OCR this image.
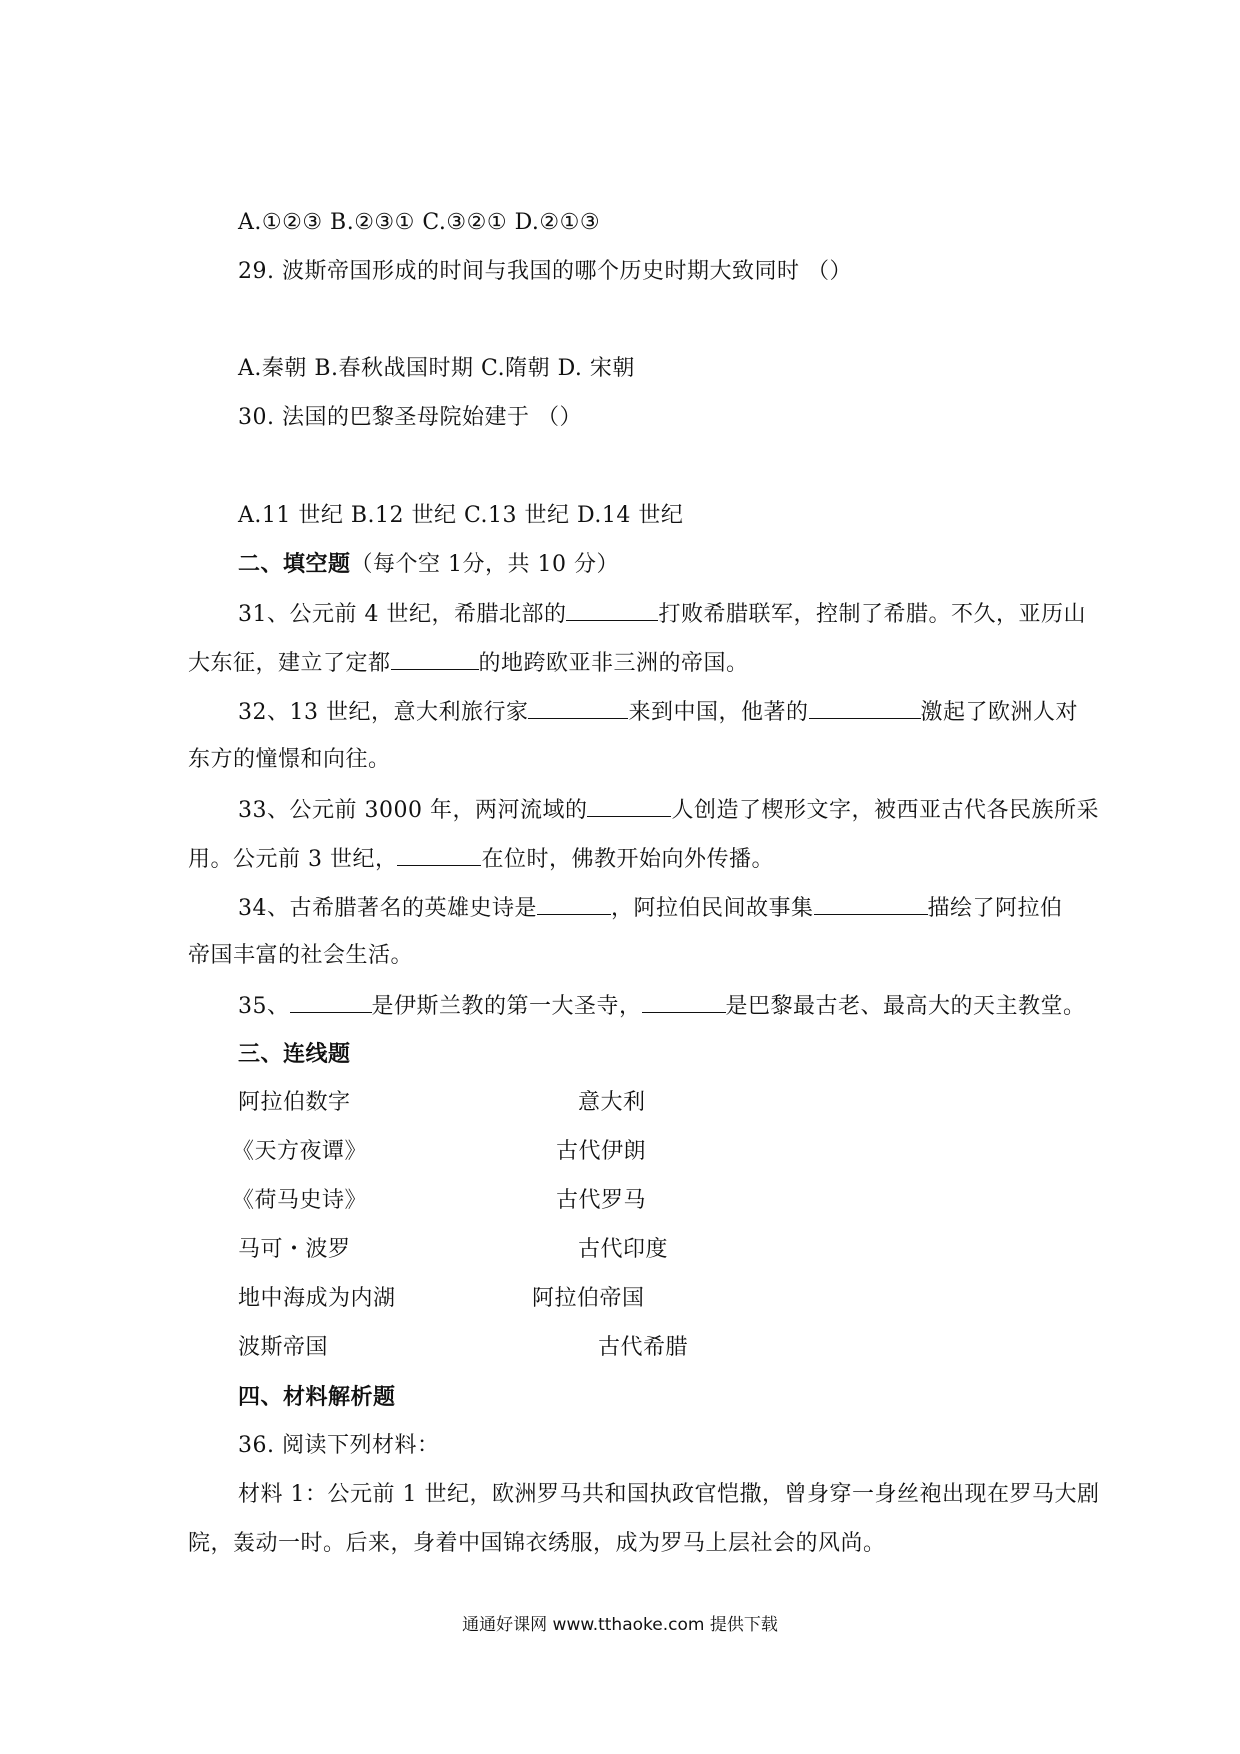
A.①②③ B.②③① C.③②① D.②①③
29. 波斯帝国形成的时间与我国的哪个历史时期大致同时 （）
A.秦朝 B.春秋战国时期 C.隋朝 D. 宋朝
30. 法国的巴黎圣母院始建于 （）
A.11 世纪 B.12 世纪 C.13 世纪 D.14 世纪
二、填空题（每个空 1分，共 10 分）
31、公元前 4 世纪，希腊北部的	打败希腊联军，控制了希腊。不久，亚历山
大东征，建立了定都	的地跨欧亚非三洲的帝国。
32、13 世纪，意大利旅行家	来到中国，他著的	激起了欧洲人对
东方的憧憬和向往。
33、公元前 3000 年，两河流域的	人创造了楔形文字，被西亚古代各民族所采
用。公元前 3 世纪，	在位时，佛教开始向外传播。
34、古希腊著名的英雄史诗是	，阿拉伯民间故事集	描绘了阿拉伯
帝国丰富的社会生活。
35、	是伊斯兰教的第一大圣寺，	是巴黎最古老、最高大的天主教堂。
三、连线题
阿拉伯数字	意大利
《天方夜谭》	古代伊朗
《荷马史诗》	古代罗马
马可・波罗	古代印度
地中海成为内湖	阿拉伯帝国
波斯帝国	古代希腊
四、材料解析题
36. 阅读下列材料：
材料 1：公元前 1 世纪，欧洲罗马共和国执政官恺撒，曾身穿一身丝袍出现在罗马大剧
院，轰动一时。后来，身着中国锦衣绣服，成为罗马上层社会的风尚。
通通好课网 www.tthaoke.com 提供下载
